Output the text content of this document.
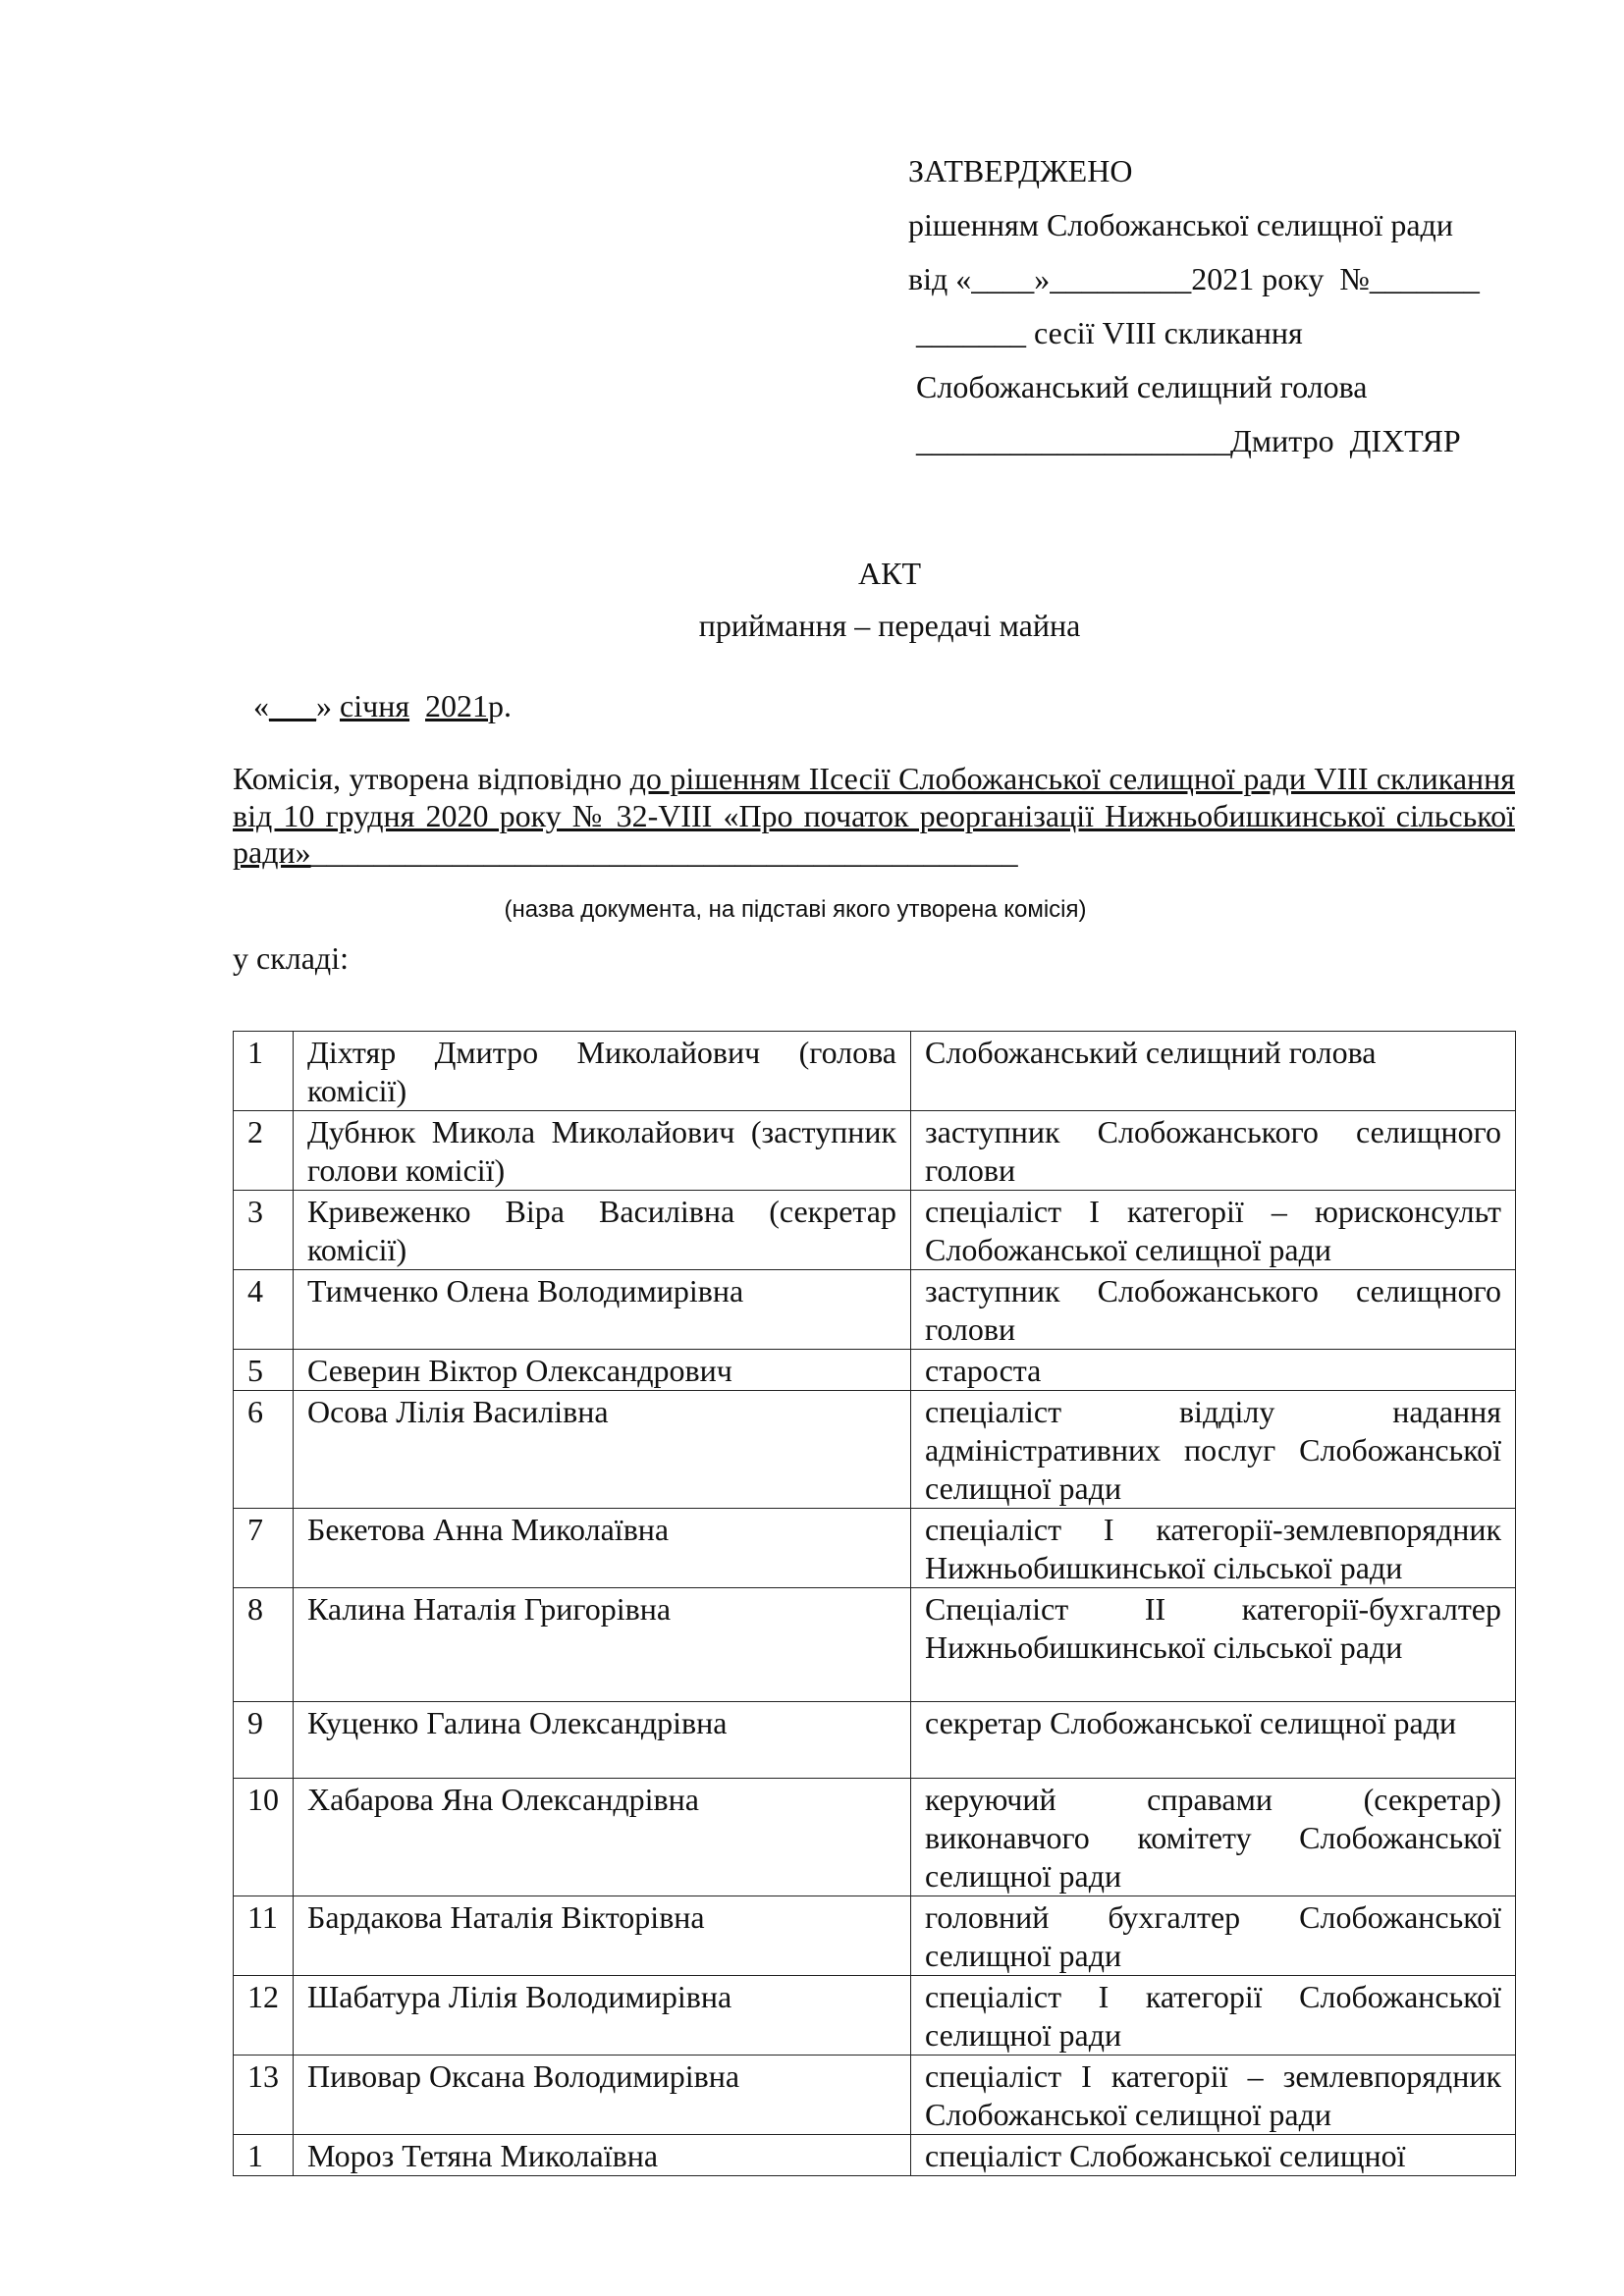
ЗАТВЕРДЖЕНО
рішенням Слобожанської селищної ради
від «____»_________2021 року  №_______
_______ сесії VIII скликання
Слобожанський селищний голова
____________________Дмитро  ДІХТЯР
АКТ
приймання – передачі майна
«___» січня 2021р.
Комісія, утворена відповідно до рішенням IIсесії Слобожанської селищної ради VIII скликання від 10 грудня 2020 року № 32-VIII «Про початок реорганізації Нижньобишкинської сільської ради»_____________________________________________
(назва документа, на підставі якого утворена комісія)
у складі:
1	Діхтяр Дмитро Миколайович (голова комісії)	Слобожанський селищний голова
2	Дубнюк Микола Миколайович (заступник голови комісії)	заступник Слобожанського селищного голови
3	Кривеженко Віра Василівна (секретар комісії)	спеціаліст І категорії – юрисконсульт Слобожанської селищної ради
4	Тимченко Олена Володимирівна	заступник Слобожанського селищного голови
5	Северин Віктор Олександрович	староста
6	Осова Лілія Василівна	спеціаліст відділу надання адміністративних послуг Слобожанської селищної ради
7	Бекетова Анна Миколаївна	спеціаліст І категорії-землевпорядник Нижньобишкинської сільської ради
8	Калина Наталія Григорівна	Спеціаліст ІІ категорії-бухгалтер Нижньобишкинської сільської ради
9	Куценко Галина Олександрівна	секретар Слобожанської селищної ради
10	Хабарова Яна Олександрівна	керуючий справами (секретар) виконавчого комітету Слобожанської селищної ради
11	Бардакова Наталія Вікторівна	головний бухгалтер Слобожанської селищної ради
12	Шабатура Лілія Володимирівна	спеціаліст І категорії Слобожанської селищної ради
13	Пивовар Оксана Володимирівна	спеціаліст І категорії – землевпорядник Слобожанської селищної ради
1	Мороз Тетяна Миколаївна	спеціаліст Слобожанської селищної
